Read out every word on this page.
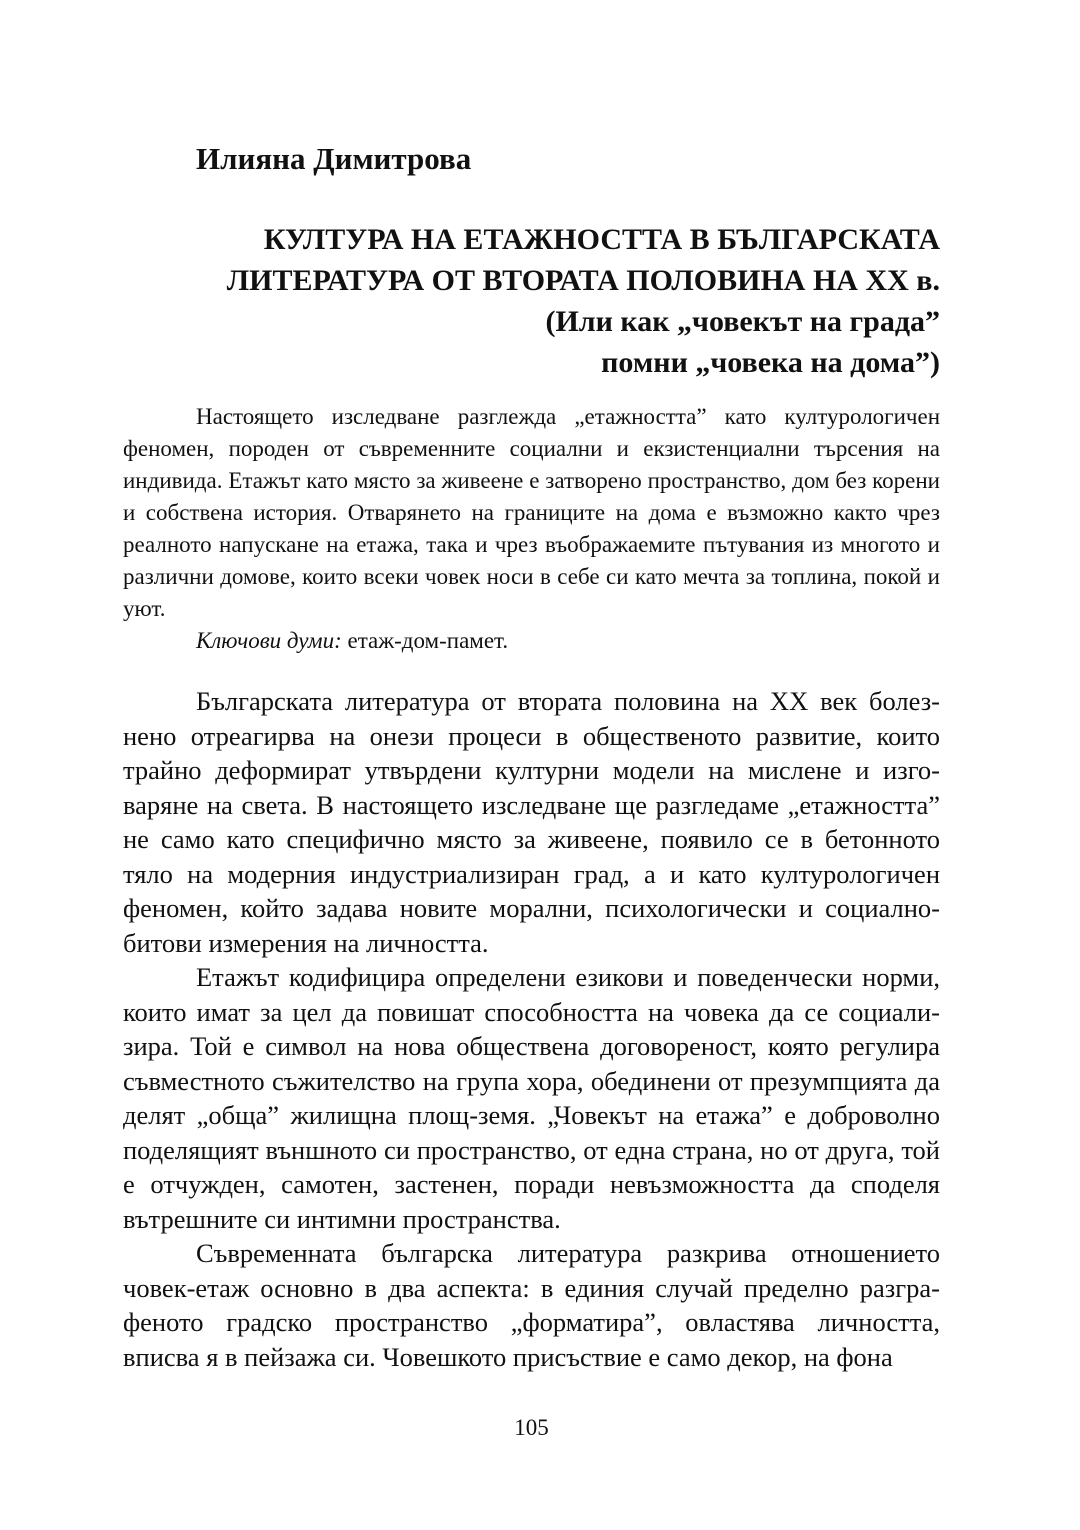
Илияна Димитрова
КУЛТУРА НА ЕТАЖНОСТТА В БЪЛГАРСКАТА
ЛИТЕРАТУРА ОТ ВТОРАТА ПОЛОВИНА НА XX в.
(Или как „човекът на града”
помни „човека на дома”)

Настоящето изследване разглежда „етажността” като културологичен феномен, породен от съвременните социални и екзистенциални търсения на индивида. Етажът като място за живеене е затворено пространство, дом без корени и собствена история. Отварянето на границите на дома е възможно както чрез реалното напускане на етажа, така и чрез въображаемите пътувания из многото и различни домове, които всеки човек носи в себе си като мечта за топлина, покой и уют.

Ключови думи: етаж-дом-памет.

Българската литература от втората половина на XX век болезнено отреагирва на онези процеси в общественото развитие, които трайно деформират утвърдени културни модели на мислене и изговаряне на света. В настоящето изследване ще разгледаме „етажността” не само като специфично място за живеене, появило се в бетонното тяло на модерния индустриализиран град, а и като културологичен феномен, който задава новите морални, психологически и социално-битови измерения на личността.

Етажът кодифицира определени езикови и поведенчески норми, които имат за цел да повишат способността на човека да се социализира. Той е символ на нова обществена договореност, която регулира съвместното съжителство на група хора, обединени от презумпцията да делят „обща” жилищна площ-земя. „Човекът на етажа” е доброволно поделящият външното си пространство, от една страна, но от друга, той е отчужден, самотен, застенен, поради невъзможността да споделя вътрешните си интимни пространства.

Съвременната българска литература разкрива отношението човек-етаж основно в два аспекта: в единия случай пределно разграфеното градско пространство „форматира”, овластява личността, вписва я в пейзажа си. Човешкото присъствие е само декор, на фона

105
